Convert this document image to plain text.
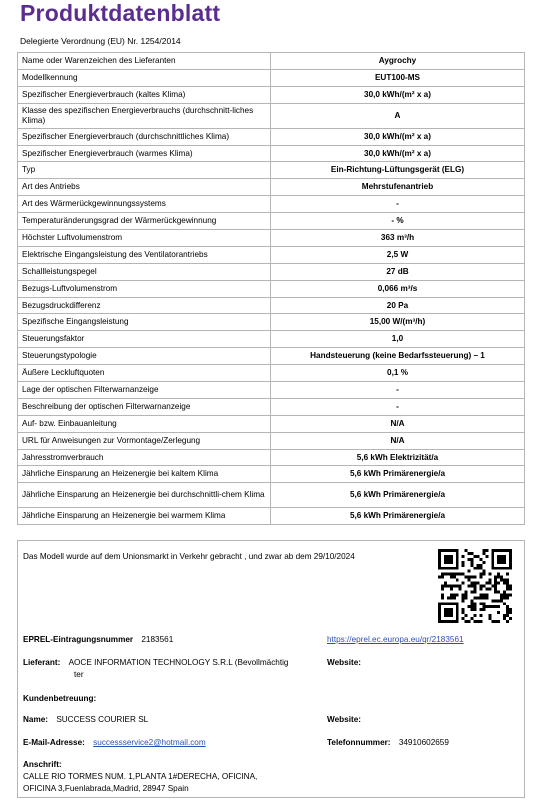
Produktdatenblatt
Delegierte Verordnung (EU) Nr. 1254/2014
Name oder Warenzeichen des Lieferanten	Aygrochy
Modellkennung	EUT100-MS
Spezifischer Energieverbrauch (kaltes Klima)	30,0 kWh/(m² x a)
Klasse des spezifischen Energieverbrauchs (durchschnitt-liches Klima)	A
Spezifischer Energieverbrauch (durchschnittliches Klima)	30,0 kWh/(m² x a)
Spezifischer Energieverbrauch (warmes Klima)	30,0 kWh/(m² x a)
Typ	Ein-Richtung-Lüftungsgerät (ELG)
Art des Antriebs	Mehrstufenantrieb
Art des Wärmerückgewinnungssystems	-
Temperaturänderungsgrad der Wärmerückgewinnung	- %
Höchster Luftvolumenstrom	363 m³/h
Elektrische Eingangsleistung des Ventilatorantriebs	2,5 W
Schallleistungspegel	27 dB
Bezugs-Luftvolumenstrom	0,066 m³/s
Bezugsdruckdifferenz	20 Pa
Spezifische Eingangsleistung	15,00 W/(m³/h)
Steuerungsfaktor	1,0
Steuerungstypologie	Handsteuerung (keine Bedarfssteuerung) – 1
Äußere Leckluftquoten	0,1 %
Lage der optischen Filterwarnanzeige	-
Beschreibung der optischen Filterwarnanzeige	-
Auf- bzw. Einbauanleitung	N/A
URL für Anweisungen zur Vormontage/Zerlegung	N/A
Jahresstromverbrauch	5,6 kWh Elektrizität/a
Jährliche Einsparung an Heizenergie bei kaltem Klima	5,6 kWh Primärenergie/a
Jährliche Einsparung an Heizenergie bei durchschnittli-chem Klima	5,6 kWh Primärenergie/a
Jährliche Einsparung an Heizenergie bei warmem Klima	5,6 kWh Primärenergie/a
Das Modell wurde auf dem Unionsmarkt in Verkehr gebracht , und zwar ab dem 29/10/2024
EPREL-Eintragungsnummer 2183561	https://eprel.ec.europa.eu/qr/2183561
Lieferant: AOCE INFORMATION TECHNOLOGY S.R.L (Bevollmächtig
ter
Website:
Kundenbetreuung:
Name: SUCCESS COURIER SL	Website:
E-Mail-Adresse: successservice2@hotmail.com	Telefonnummer: 34910602659
Anschrift:
CALLE RIO TORMES NUM. 1,PLANTA 1#DERECHA, OFICINA,
OFICINA 3,Fuenlabrada,Madrid, 28947 Spain
